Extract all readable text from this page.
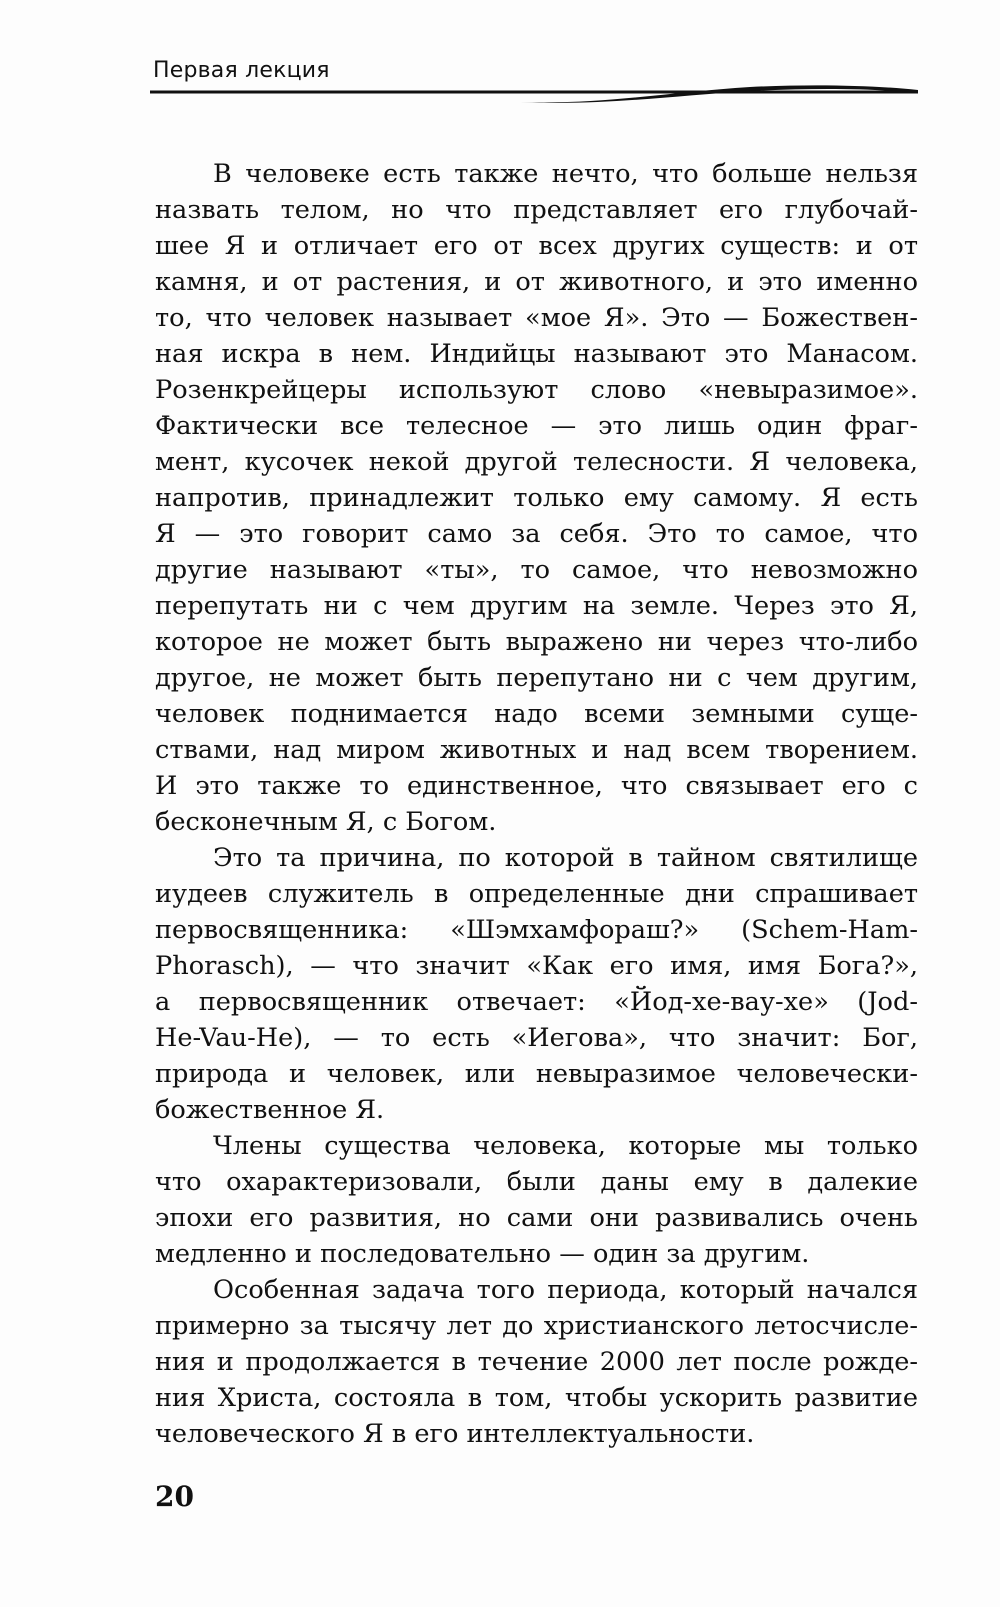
Первая лекция

В человеке есть также нечто, что больше нельзя
назвать телом, но что представляет его глубочай-
шее Я и отличает его от всех других существ: и от
камня, и от растения, и от животного, и это именно
то, что человек называет «мое Я». Это — Божествен-
ная искра в нем. Индийцы называют это Манасом.
Розенкрейцеры используют слово «невыразимое».
Фактически все телесное — это лишь один фраг-
мент, кусочек некой другой телесности. Я человека,
напротив, принадлежит только ему самому. Я есть
Я — это говорит само за себя. Это то самое, что
другие называют «ты», то самое, что невозможно
перепутать ни с чем другим на земле. Через это Я,
которое не может быть выражено ни через что-либо
другое, не может быть перепутано ни с чем другим,
человек поднимается надо всеми земными суще-
ствами, над миром животных и над всем творением.
И это также то единственное, что связывает его с
бесконечным Я, с Богом.

Это та причина, по которой в тайном святилище
иудеев служитель в определенные дни спрашивает
первосвященника: «Шэмхамфораш?» (Schem-Ham-
Phorasch), — что значит «Как его имя, имя Бога?»,
а первосвященник отвечает: «Йод-хе-вау-хе» (Jod-
He-Vau-He), — то есть «Иегова», что значит: Бог,
природа и человек, или невыразимое человечески-
божественное Я.

Члены существа человека, которые мы только
что охарактеризовали, были даны ему в далекие
эпохи его развития, но сами они развивались очень
медленно и последовательно — один за другим.

Особенная задача того периода, который начался
примерно за тысячу лет до христианского летосчисле-
ния и продолжается в течение 2000 лет после рожде-
ния Христа, состояла в том, чтобы ускорить развитие
человеческого Я в его интеллектуальности.

20
